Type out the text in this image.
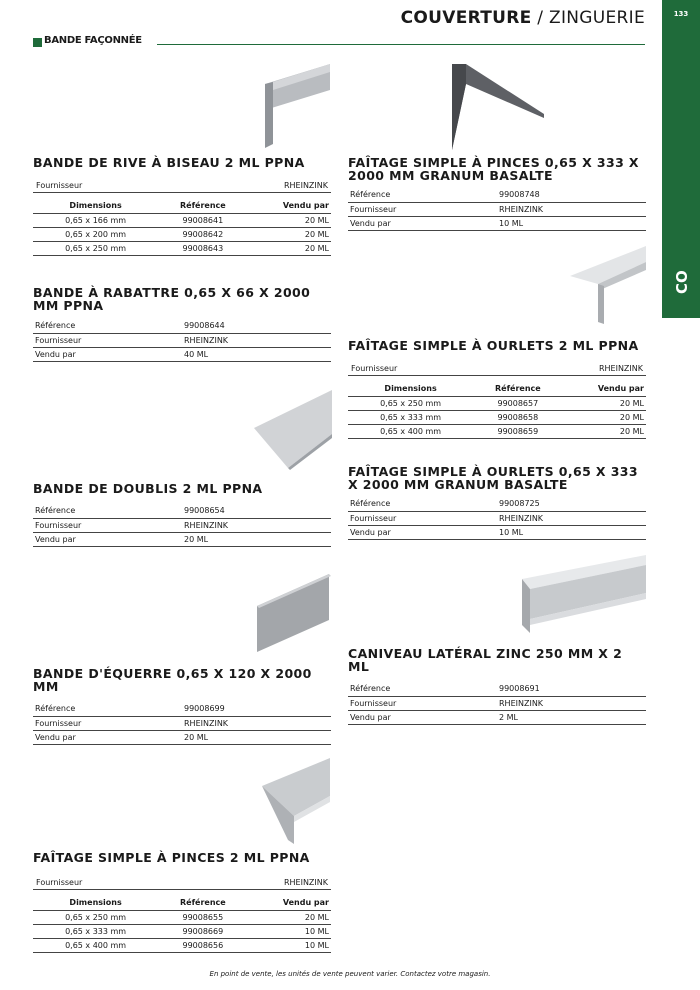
COUVERTURE / ZINGUERIE	133
CO
BANDE FAÇONNÉE
BANDE DE RIVE À BISEAU 2 ML PPNA
Fournisseur	RHEINZINK
Dimensions	Référence	Vendu par
0,65 x 166 mm	99008641	20 ML
0,65 x 200 mm	99008642	20 ML
0,65 x 250 mm	99008643	20 ML
BANDE À RABATTRE 0,65 X 66 X 2000 MM PPNA
Référence	99008644
Fournisseur	RHEINZINK
Vendu par	40 ML
BANDE DE DOUBLIS 2 ML PPNA
Référence	99008654
Fournisseur	RHEINZINK
Vendu par	20 ML
BANDE D'ÉQUERRE 0,65 X 120 X 2000 MM
Référence	99008699
Fournisseur	RHEINZINK
Vendu par	20 ML
FAÎTAGE SIMPLE À PINCES 2 ML PPNA
Fournisseur	RHEINZINK
Dimensions	Référence	Vendu par
0,65 x 250 mm	99008655	20 ML
0,65 x 333 mm	99008669	10 ML
0,65 x 400 mm	99008656	10 ML
FAÎTAGE SIMPLE À PINCES 0,65 X 333 X 2000 MM GRANUM BASALTE
Référence	99008748
Fournisseur	RHEINZINK
Vendu par	10 ML
FAÎTAGE SIMPLE À OURLETS 2 ML PPNA
Fournisseur	RHEINZINK
Dimensions	Référence	Vendu par
0,65 x 250 mm	99008657	20 ML
0,65 x 333 mm	99008658	20 ML
0,65 x 400 mm	99008659	20 ML
FAÎTAGE SIMPLE À OURLETS 0,65 X 333 X 2000 MM GRANUM BASALTE
Référence	99008725
Fournisseur	RHEINZINK
Vendu par	10 ML
CANIVEAU LATÉRAL ZINC 250 MM X 2 ML
Référence	99008691
Fournisseur	RHEINZINK
Vendu par	2 ML
En point de vente, les unités de vente peuvent varier. Contactez votre magasin.
